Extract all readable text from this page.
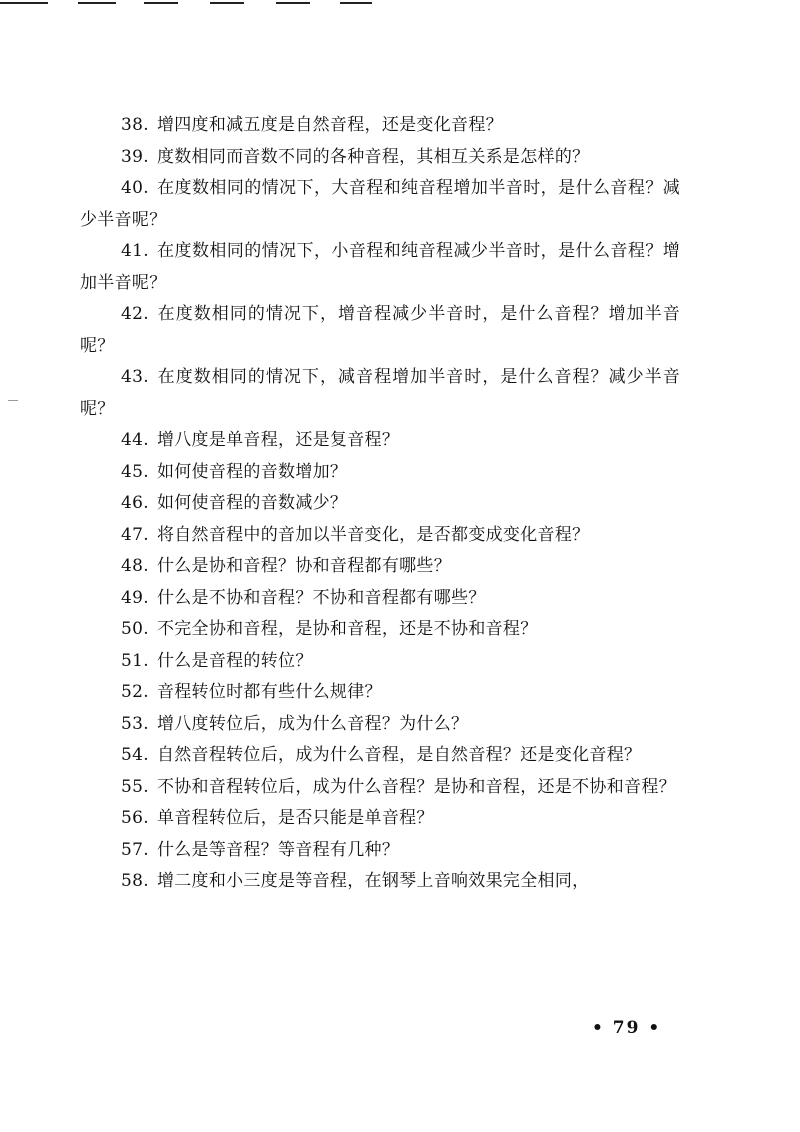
38. 增四度和减五度是自然音程，还是变化音程？

39. 度数相同而音数不同的各种音程，其相互关系是怎样的？

40. 在度数相同的情况下，大音程和纯音程增加半音时，是什么音程？减少半音呢？

41. 在度数相同的情况下，小音程和纯音程减少半音时，是什么音程？增加半音呢？

42. 在度数相同的情况下，增音程减少半音时，是什么音程？增加半音呢？

43. 在度数相同的情况下，减音程增加半音时，是什么音程？减少半音呢？

44. 增八度是单音程，还是复音程？

45. 如何使音程的音数增加？

46. 如何使音程的音数减少？

47. 将自然音程中的音加以半音变化，是否都变成变化音程？

48. 什么是协和音程？协和音程都有哪些？

49. 什么是不协和音程？不协和音程都有哪些？

50. 不完全协和音程，是协和音程，还是不协和音程？

51. 什么是音程的转位？

52. 音程转位时都有些什么规律？

53. 增八度转位后，成为什么音程？为什么？

54. 自然音程转位后，成为什么音程，是自然音程？还是变化音程？

55. 不协和音程转位后，成为什么音程？是协和音程，还是不协和音程？

56. 单音程转位后，是否只能是单音程？

57. 什么是等音程？等音程有几种？

58. 增二度和小三度是等音程，在钢琴上音响效果完全相同，

• 79 •
